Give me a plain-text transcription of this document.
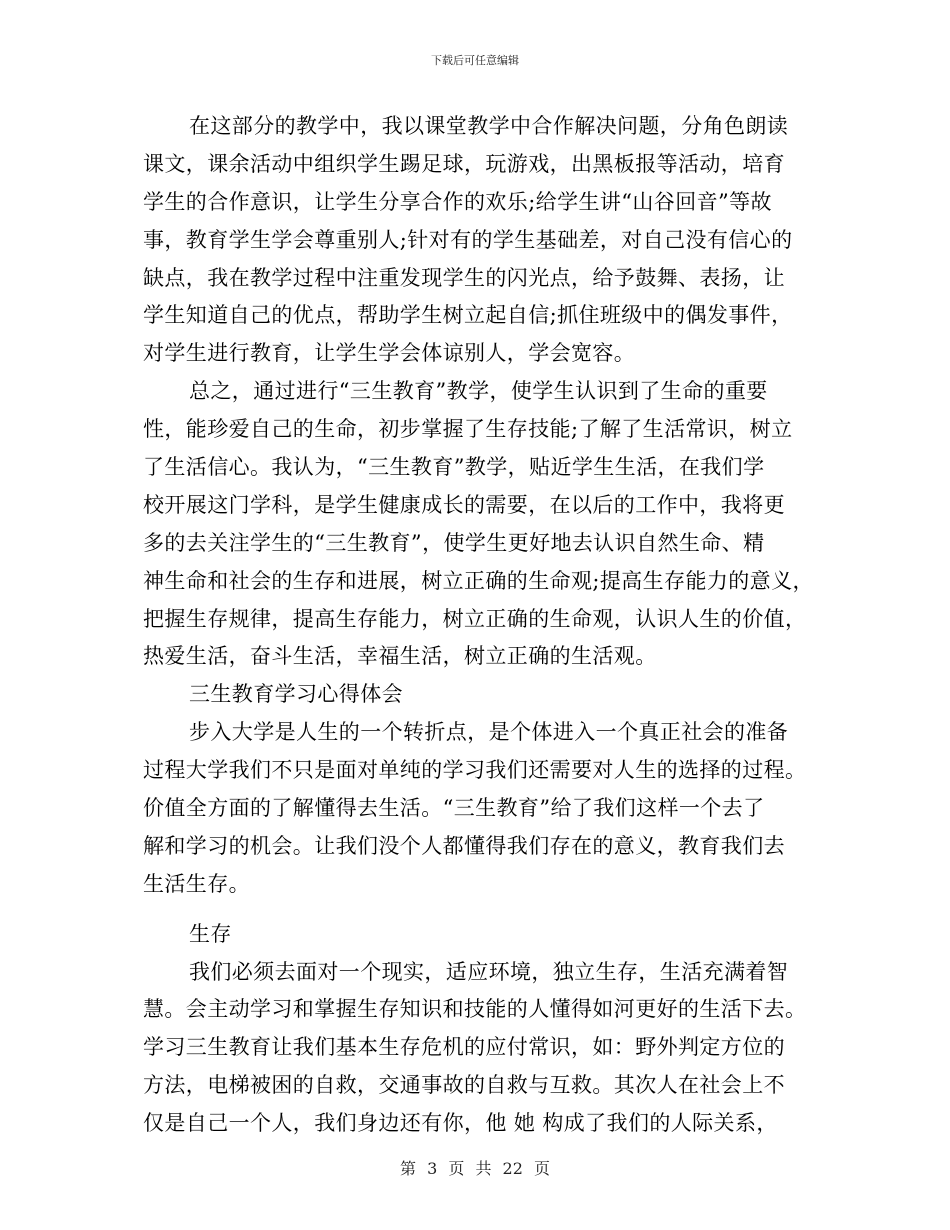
下载后可任意编辑
在这部分的教学中，我以课堂教学中合作解决问题，分角色朗读
课文，课余活动中组织学生踢足球，玩游戏，出黑板报等活动，培育
学生的合作意识，让学生分享合作的欢乐;给学生讲“山谷回音”等故
事，教育学生学会尊重别人;针对有的学生基础差，对自己没有信心的
缺点，我在教学过程中注重发现学生的闪光点，给予鼓舞、表扬，让
学生知道自己的优点，帮助学生树立起自信;抓住班级中的偶发事件，
对学生进行教育，让学生学会体谅别人，学会宽容。
总之，通过进行“三生教育”教学，使学生认识到了生命的重要
性，能珍爱自己的生命，初步掌握了生存技能;了解了生活常识，树立
了生活信心。我认为，“三生教育”教学，贴近学生生活，在我们学
校开展这门学科，是学生健康成长的需要，在以后的工作中，我将更
多的去关注学生的“三生教育”，使学生更好地去认识自然生命、精
神生命和社会的生存和进展，树立正确的生命观;提高生存能力的意义，
把握生存规律，提高生存能力，树立正确的生命观，认识人生的价值，
热爱生活，奋斗生活，幸福生活，树立正确的生活观。
三生教育学习心得体会
步入大学是人生的一个转折点，是个体进入一个真正社会的准备
过程大学我们不只是面对单纯的学习我们还需要对人生的选择的过程。
价值全方面的了解懂得去生活。“三生教育”给了我们这样一个去了
解和学习的机会。让我们没个人都懂得我们存在的意义，教育我们去
生活生存。
生存
我们必须去面对一个现实，适应环境，独立生存，生活充满着智
慧。会主动学习和掌握生存知识和技能的人懂得如河更好的生活下去。
学习三生教育让我们基本生存危机的应付常识，如：野外判定方位的
方法，电梯被困的自救，交通事故的自救与互救。其次人在社会上不
仅是自己一个人，我们身边还有你，他 她 构成了我们的人际关系，
第 3 页 共 22 页
